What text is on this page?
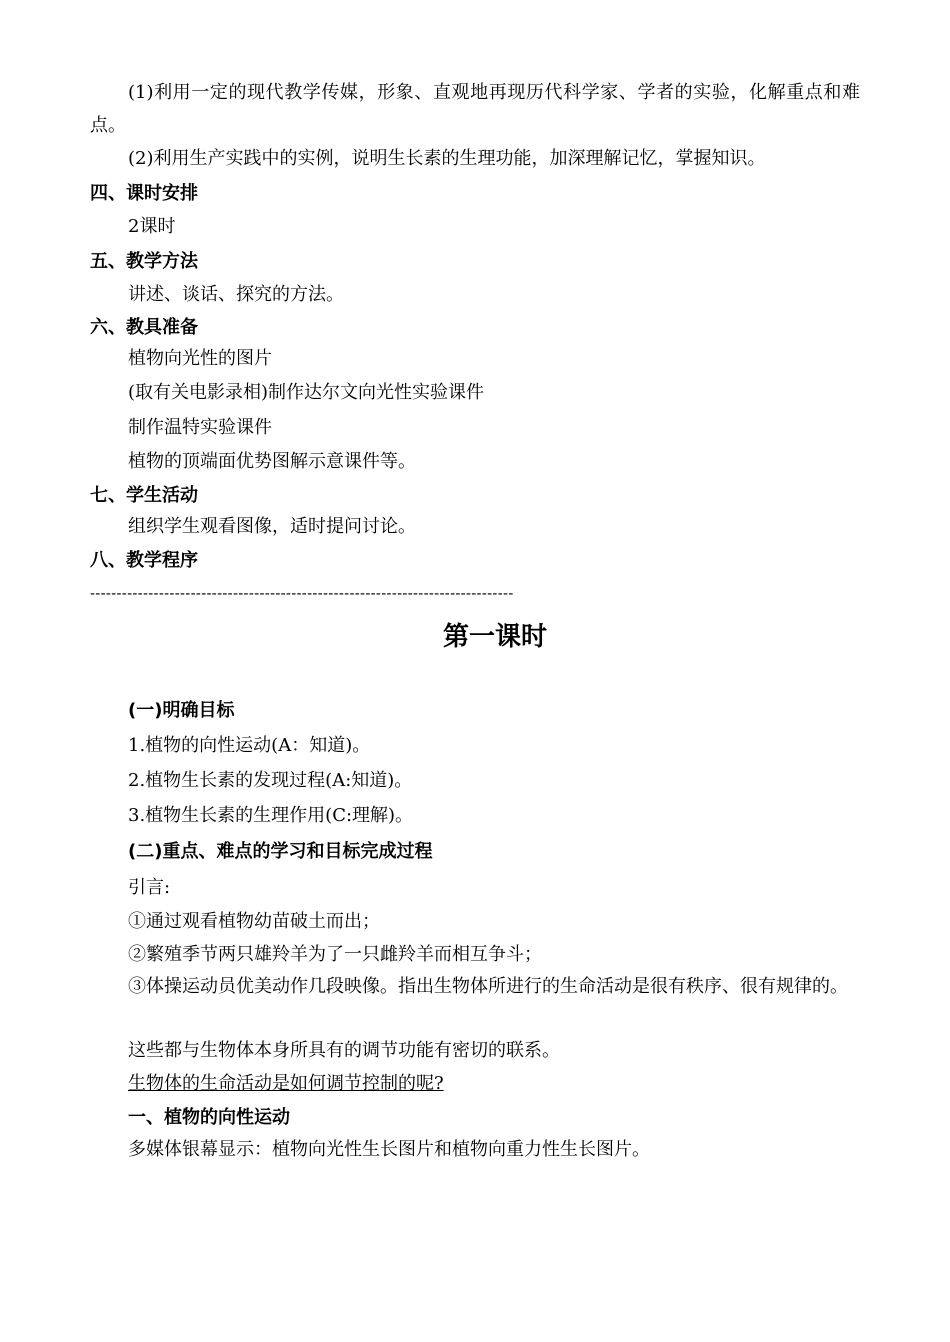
(1)利用一定的现代教学传媒，形象、直观地再现历代科学家、学者的实验，化解重点和难点。
(2)利用生产实践中的实例，说明生长素的生理功能，加深理解记忆，掌握知识。
四、课时安排
2课时
五、教学方法
讲述、谈话、探究的方法。
六、教具准备
植物向光性的图片
(取有关电影录相)制作达尔文向光性实验课件
制作温特实验课件
植物的顶端面优势图解示意课件等。
七、学生活动
组织学生观看图像，适时提问讨论。
八、教学程序
--------------------------------------------------------------------------------
第一课时
(一)明确目标
1.植物的向性运动(A：知道)。
2.植物生长素的发现过程(A:知道)。
3.植物生长素的生理作用(C:理解)。
(二)重点、难点的学习和目标完成过程
引言:
①通过观看植物幼苗破土而出；
②繁殖季节两只雄羚羊为了一只雌羚羊而相互争斗；
③体操运动员优美动作几段映像。指出生物体所进行的生命活动是很有秩序、很有规律的。
这些都与生物体本身所具有的调节功能有密切的联系。
生物体的生命活动是如何调节控制的呢?
一、植物的向性运动
多媒体银幕显示：植物向光性生长图片和植物向重力性生长图片。
